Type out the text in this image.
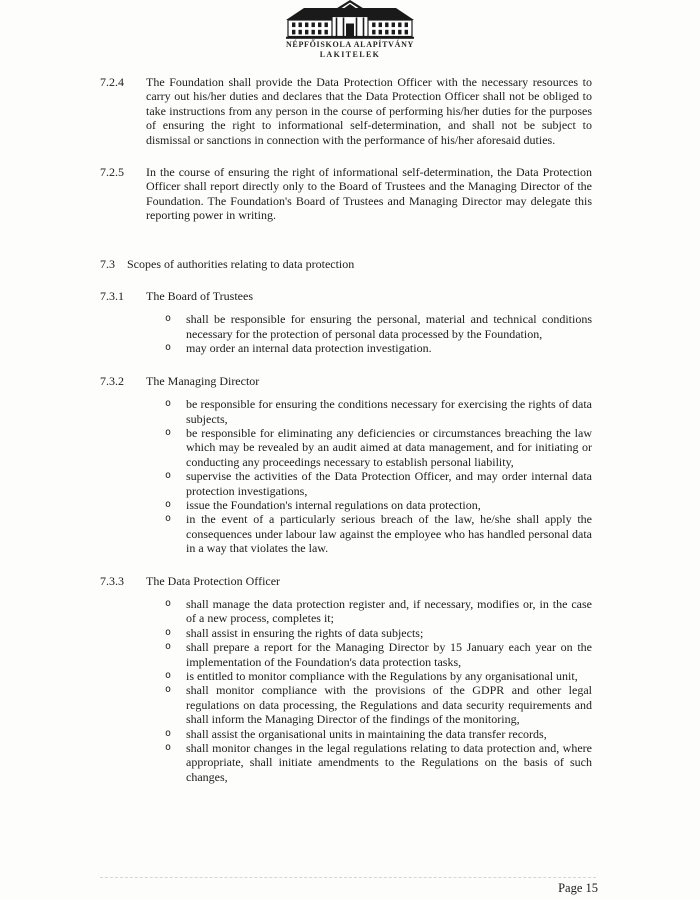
NÉPFŐISKOLA ALAPÍTVÁNY
LAKITELEK
7.2.4	The Foundation shall provide the Data Protection Officer with the necessary resources to carry out his/her duties and declares that the Data Protection Officer shall not be obliged to take instructions from any person in the course of performing his/her duties for the purposes of ensuring the right to informational self-determination, and shall not be subject to dismissal or sanctions in connection with the performance of his/her aforesaid duties.
7.2.5	In the course of ensuring the right of informational self-determination, the Data Protection Officer shall report directly only to the Board of Trustees and the Managing Director of the Foundation. The Foundation's Board of Trustees and Managing Director may delegate this reporting power in writing.
7.3	Scopes of authorities relating to data protection
7.3.1	The Board of Trustees
o	shall be responsible for ensuring the personal, material and technical conditions necessary for the protection of personal data processed by the Foundation,
o	may order an internal data protection investigation.
7.3.2	The Managing Director
o	be responsible for ensuring the conditions necessary for exercising the rights of data subjects,
o	be responsible for eliminating any deficiencies or circumstances breaching the law which may be revealed by an audit aimed at data management, and for initiating or conducting any proceedings necessary to establish personal liability,
o	supervise the activities of the Data Protection Officer, and may order internal data protection investigations,
o	issue the Foundation's internal regulations on data protection,
o	in the event of a particularly serious breach of the law, he/she shall apply the consequences under labour law against the employee who has handled personal data in a way that violates the law.
7.3.3	The Data Protection Officer
o	shall manage the data protection register and, if necessary, modifies or, in the case of a new process, completes it;
o	shall assist in ensuring the rights of data subjects;
o	shall prepare a report for the Managing Director by 15 January each year on the implementation of the Foundation's data protection tasks,
o	is entitled to monitor compliance with the Regulations by any organisational unit,
o	shall monitor compliance with the provisions of the GDPR and other legal regulations on data processing, the Regulations and data security requirements and shall inform the Managing Director of the findings of the monitoring,
o	shall assist the organisational units in maintaining the data transfer records,
o	shall monitor changes in the legal regulations relating to data protection and, where appropriate, shall initiate amendments to the Regulations on the basis of such changes,
Page 15
